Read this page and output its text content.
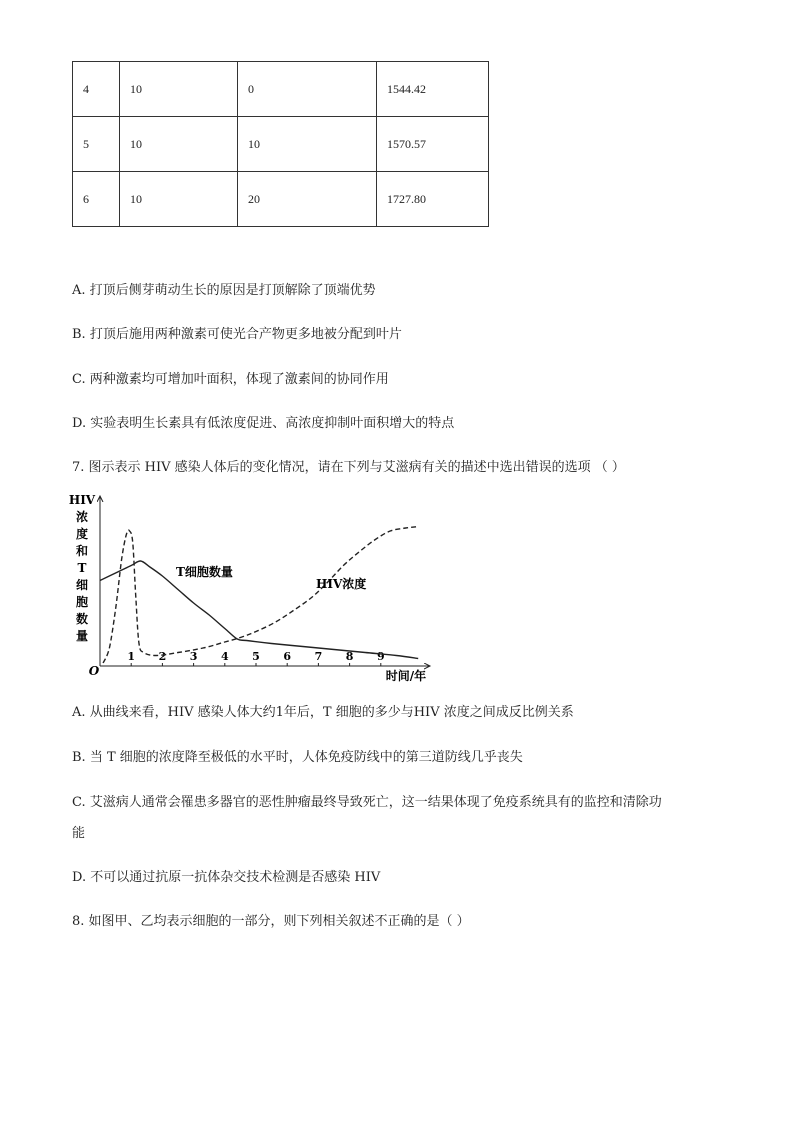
4	10	0	1544.42
5	10	10	1570.57
6	10	20	1727.80
A. 打顶后侧芽萌动生长的原因是打顶解除了顶端优势
B. 打顶后施用两种激素可使光合产物更多地被分配到叶片
C. 两种激素均可增加叶面积，体现了激素间的协同作用
D. 实验表明生长素具有低浓度促进、高浓度抑制叶面积增大的特点
7. 图示表示 HIV 感染人体后的变化情况，请在下列与艾滋病有关的描述中选出错误的选项 （ ）
HIV
浓
度
和
T
细
胞
数
量
O	时间/年
1 2 3 4 5 6 7 8 9
T细胞数量
HIV浓度
A. 从曲线来看，HIV 感染人体大约1年后，T 细胞的多少与HIV 浓度之间成反比例关系
B. 当 T 细胞的浓度降至极低的水平时，人体免疫防线中的第三道防线几乎丧失
C. 艾滋病人通常会罹患多器官的恶性肿瘤最终导致死亡，这一结果体现了免疫系统具有的监控和清除功
能
D. 不可以通过抗原一抗体杂交技术检测是否感染 HIV
8. 如图甲、乙均表示细胞的一部分，则下列相关叙述不正确的是（ ）
